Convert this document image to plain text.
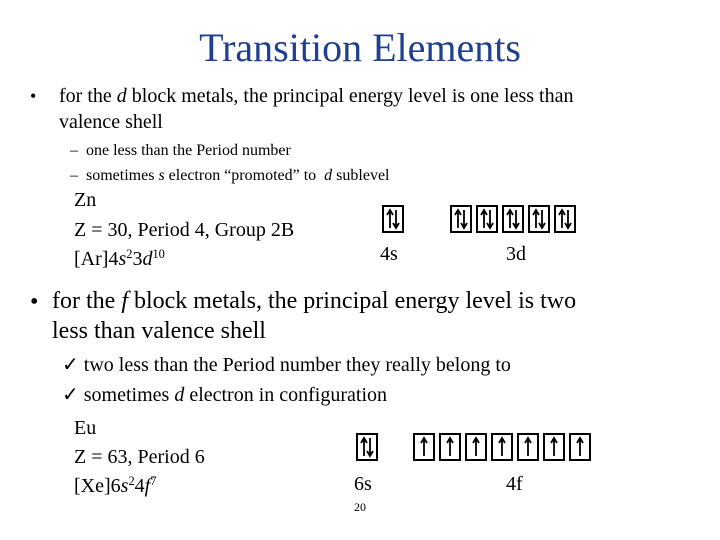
Transition Elements
• for the d block metals, the principal energy level is one less than
valence shell
– one less than the Period number
– sometimes s electron “promoted” to  d sublevel
Zn
Z = 30, Period 4, Group 2B
$[Ar]4s^23d^{10}$	4s	3d
• for the f block metals, the principal energy level is two
less than valence shell
✓ two less than the Period number they really belong to
✓ sometimes d electron in configuration
Eu
Z = 63, Period 6
$[Xe]6s^24f^7$	6s	4f
20
